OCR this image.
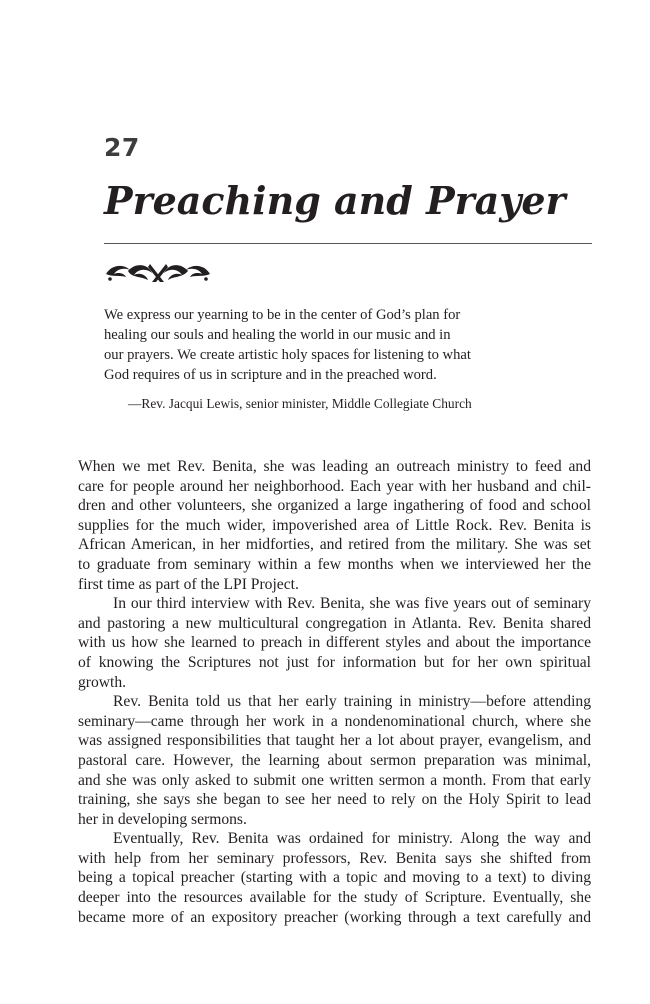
27
Preaching and Prayer

We express our yearning to be in the center of God’s plan for

healing our souls and healing the world in our music and in

our prayers. We create artistic holy spaces for listening to what

God requires of us in scripture and in the preached word.

—Rev. Jacqui Lewis, senior minister, Middle Collegiate Church
When we met Rev. Benita, she was leading an outreach ministry to feed and
care for people around her neighborhood. Each year with her husband and chil-
dren and other volunteers, she organized a large ingathering of food and school
supplies for the much wider, impoverished area of Little Rock. Rev. Benita is
African American, in her midforties, and retired from the military. She was set
to graduate from seminary within a few months when we interviewed her the
first time as part of the LPI Project.
In our third interview with Rev. Benita, she was five years out of seminary
and pastoring a new multicultural congregation in Atlanta. Rev. Benita shared
with us how she learned to preach in different styles and about the importance
of knowing the Scriptures not just for information but for her own spiritual
growth.
Rev. Benita told us that her early training in ministry—before attending
seminary—came through her work in a nondenominational church, where she
was assigned responsibilities that taught her a lot about prayer, evangelism, and
pastoral care. However, the learning about sermon preparation was minimal,
and she was only asked to submit one written sermon a month. From that early
training, she says she began to see her need to rely on the Holy Spirit to lead
her in developing sermons.
Eventually, Rev. Benita was ordained for ministry. Along the way and
with help from her seminary professors, Rev. Benita says she shifted from
being a topical preacher (starting with a topic and moving to a text) to diving
deeper into the resources available for the study of Scripture. Eventually, she
became more of an expository preacher (working through a text carefully and
